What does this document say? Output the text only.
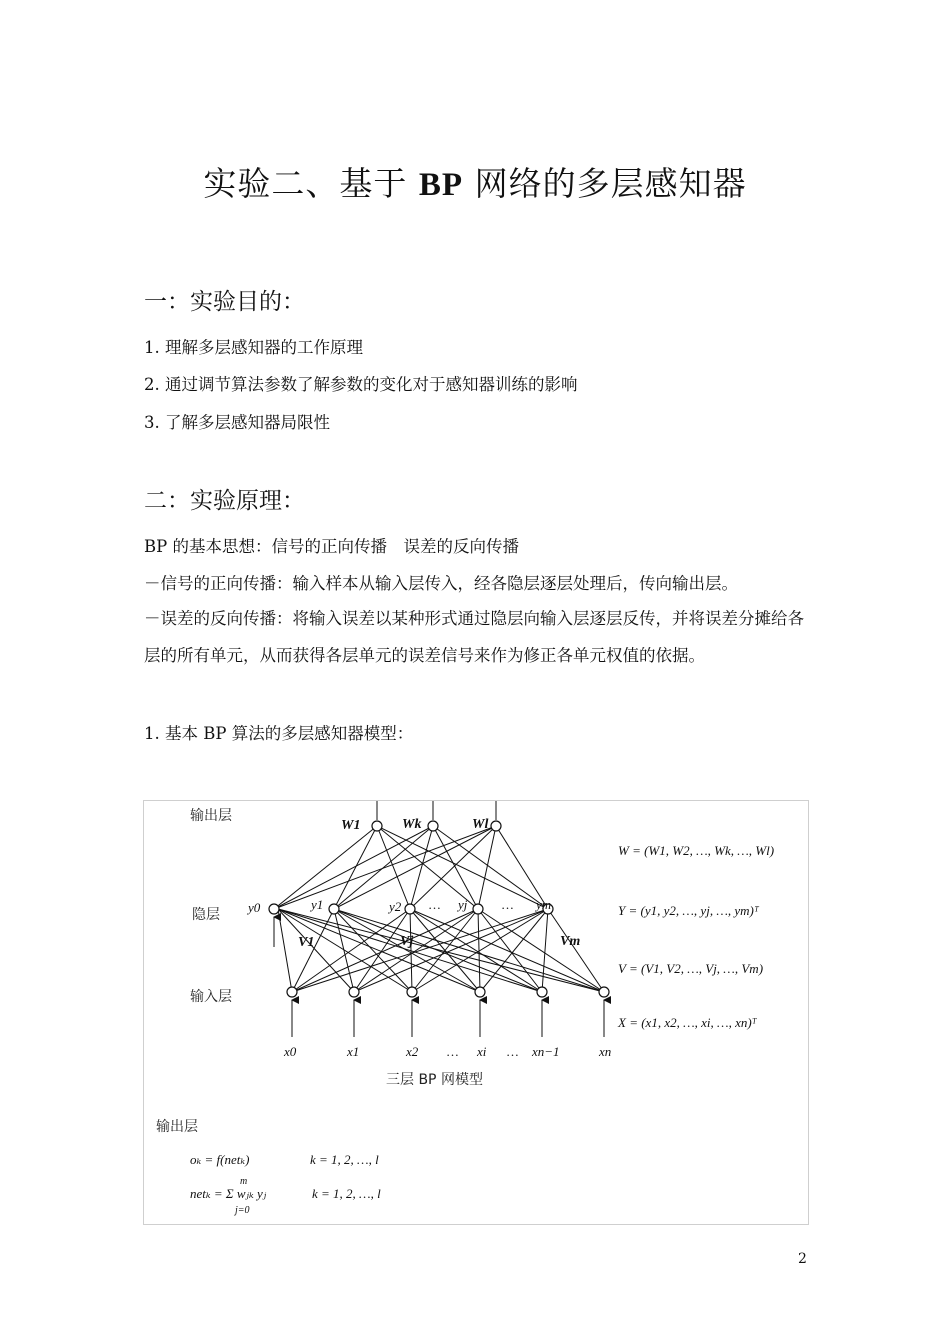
实验二、基于 BP 网络的多层感知器
一：实验目的：
1. 理解多层感知器的工作原理
2. 通过调节算法参数了解参数的变化对于感知器训练的影响
3. 了解多层感知器局限性
二：实验原理：
BP 的基本思想：信号的正向传播　误差的反向传播
－信号的正向传播：输入样本从输入层传入，经各隐层逐层处理后，传向输出层。
－误差的反向传播：将输入误差以某种形式通过隐层向输入层逐层反传，并将误差分摊给各层的所有单元，从而获得各层单元的误差信号来作为修正各单元权值的依据。
1. 基本 BP 算法的多层感知器模型：
输出层
隐层
输入层
W1	Wk	Wl
y0	y1	y2 … yj	… ym
V1	Vj	Vm
x0	x1	x2 … xi … xn−1	xn
三层 BP 网模型
W = (W1, W2, …, Wk, …, Wl)
Y = (y1, y2, …, yj, …, ym)ᵀ
V = (V1, V2, …, Vj, …, Vm)
X = (x1, x2, …, xi, …, xn)ᵀ
输出层
oₖ = f(netₖ)	k = 1, 2, …, l
netₖ = Σ wⱼₖ yⱼ
m
j=0
k = 1, 2, …, l
2
